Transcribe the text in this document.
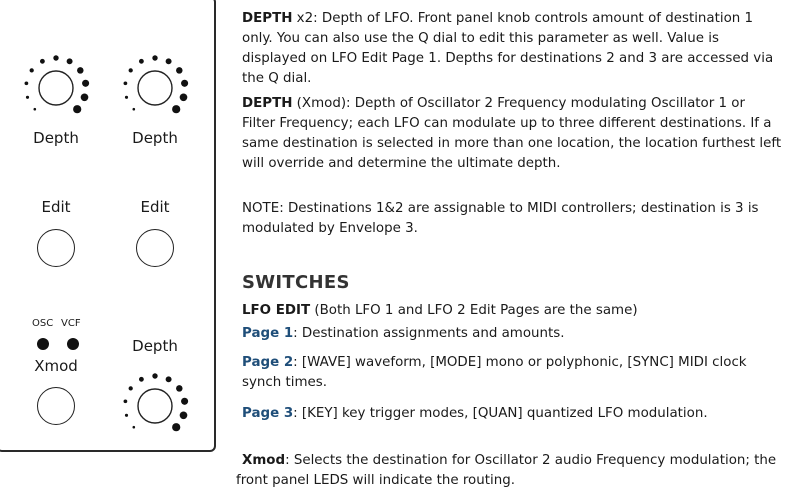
Depth	Depth
Edit	Edit
OSC VCF
Xmod
Depth
DEPTH x2: Depth of LFO. Front panel knob controls amount of destination 1 only. You can also use the Q dial to edit this parameter as well. Value is displayed on LFO Edit Page 1. Depths for destinations 2 and 3 are accessed via the Q dial.
DEPTH (Xmod): Depth of Oscillator 2 Frequency modulating Oscillator 1 or Filter Frequency; each LFO can modulate up to three different destinations. If a same destination is selected in more than one location, the location furthest left will override and determine the ultimate depth.
NOTE: Destinations 1&2 are assignable to MIDI controllers; destination is 3 is modulated by Envelope 3.
SWITCHES
LFO EDIT (Both LFO 1 and LFO 2 Edit Pages are the same)
Page 1: Destination assignments and amounts.
Page 2: [WAVE] waveform, [MODE] mono or polyphonic, [SYNC] MIDI clock synch times.
Page 3: [KEY] key trigger modes, [QUAN] quantized LFO modulation.
Xmod: Selects the destination for Oscillator 2 audio Frequency modulation; the front panel LEDS will indicate the routing.
